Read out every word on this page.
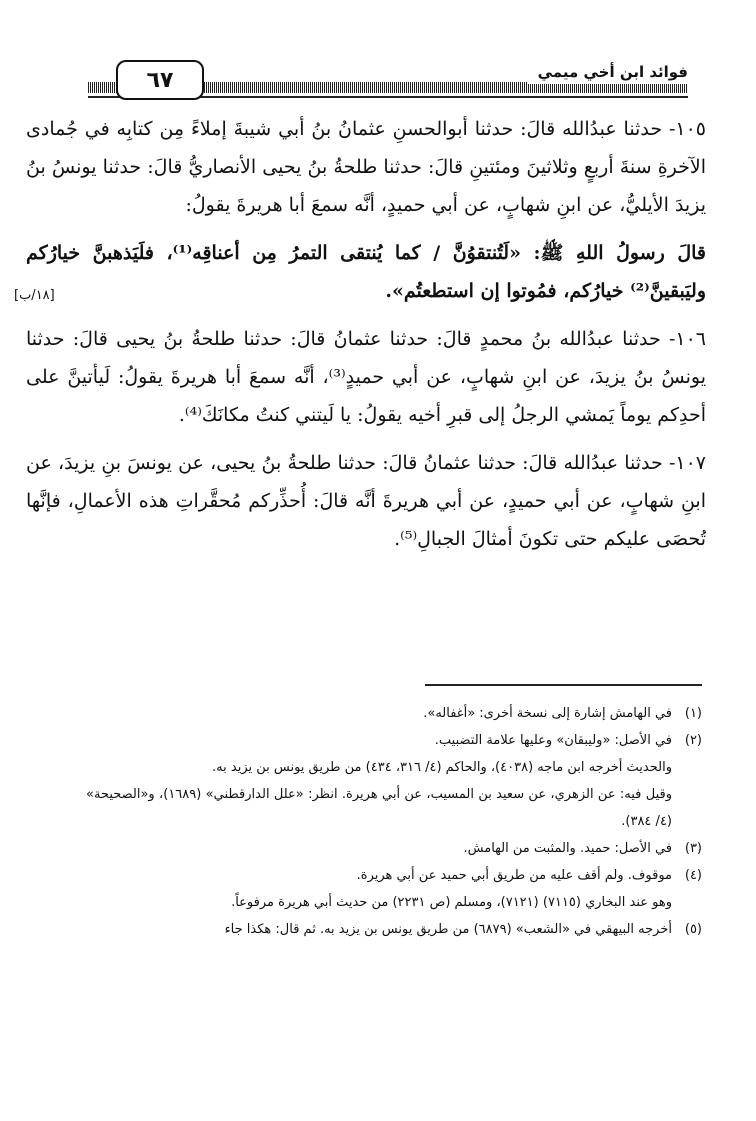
٦٧	فوائد ابن أخي ميمي
[١٨/ب]

١٠٥- حدثنا عبدُالله قالَ: حدثنا أبوالحسنِ عثمانُ بنُ أبي شيبةَ إملاءً مِن كتابِه في جُمادى الآخرةِ سنةَ أربعٍ وثلاثينَ ومئتينِ قالَ: حدثنا طلحةُ بنُ يحيى الأنصاريُّ قالَ: حدثنا يونسُ بنُ يزيدَ الأيليُّ، عن ابنِ شهابٍ، عن أبي حميدٍ، أنَّه سمعَ أبا هريرةَ يقولُ:

قالَ رسولُ اللهِ ﷺ: «لَتُنتقوُنَّ / كما يُنتقى التمرُ مِن أعناقِه⁽¹⁾، فلَيَذهبنَّ خيارُكم وليَبقينَّ⁽²⁾ خيارُكم، فمُوتوا إن استطعتُم».

١٠٦- حدثنا عبدُالله بنُ محمدٍ قالَ: حدثنا عثمانُ قالَ: حدثنا طلحةُ بنُ يحيى قالَ: حدثنا يونسُ بنُ يزيدَ، عن ابنِ شهابٍ، عن أبي حميدٍ⁽³⁾، أنَّه سمعَ أبا هريرةَ يقولُ: لَيأتينَّ على أحدِكم يوماً يَمشي الرجلُ إلى قبرِ أخيه يقولُ: يا لَيتني كنتُ مكانَكَ⁽⁴⁾.

١٠٧- حدثنا عبدُالله قالَ: حدثنا عثمانُ قالَ: حدثنا طلحةُ بنُ يحيى، عن يونسَ بنِ يزيدَ، عن ابنِ شهابٍ، عن أبي حميدٍ، عن أبي هريرةَ أنَّه قالَ: أُحذِّركم مُحقَّراتِ هذه الأعمالِ، فإنَّها تُحصَى عليكم حتى تكونَ أمثالَ الجبالِ⁽⁵⁾.

(١)
في الهامش إشارة إلى نسخة أخرى: «أغفاله».
(٢)
في الأصل: «وليبقان» وعليها علامة التضبيب.
والحديث أخرجه ابن ماجه (٤٠٣٨)، والحاكم (٤/ ٣١٦، ٤٣٤) من طريق يونس بن يزيد به.
وقيل فيه: عن الزهري، عن سعيد بن المسيب، عن أبي هريرة. انظر: «علل الدارقطني» (١٦٨٩)، و«الصحيحة» (٤/ ٣٨٤).
(٣)
في الأصل: حميد. والمثبت من الهامش.
(٤)
موقوف. ولم أقف عليه من طريق أبي حميد عن أبي هريرة.
وهو عند البخاري (٧١١٥) (٧١٢١)، ومسلم (ص ٢٢٣١) من حديث أبي هريرة مرفوعاً.
(٥)
أخرجه البيهقي في «الشعب» (٦٨٧٩) من طريق يونس بن يزيد به. ثم قال: هكذا جاء
